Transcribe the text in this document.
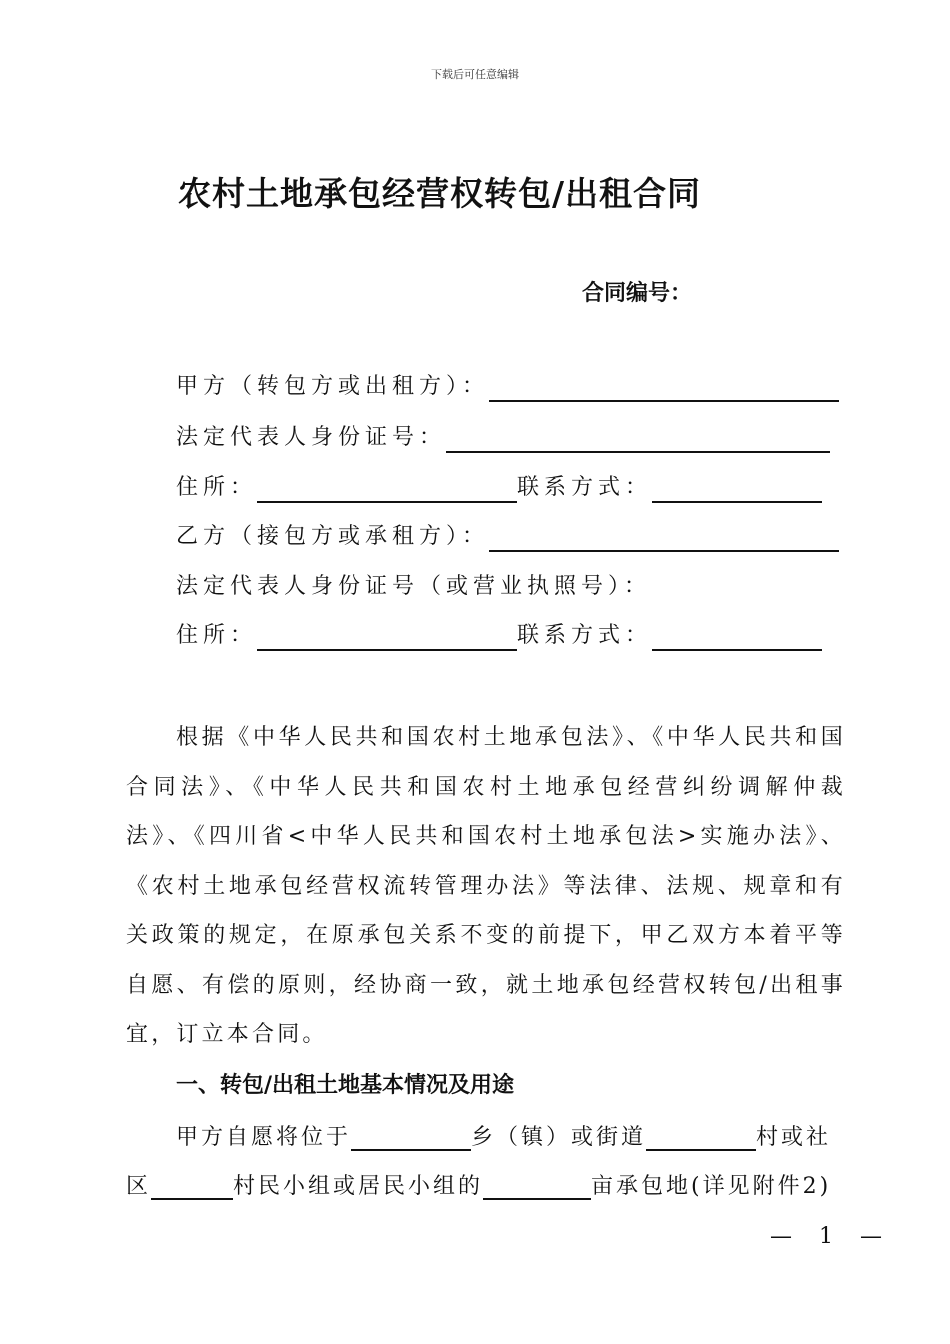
下载后可任意编辑
农村土地承包经营权转包/出租合同
合同编号：
甲方（转包方或出租方）：
法定代表人身份证号：
住所：	联系方式：
乙方（接包方或承租方）：
法定代表人身份证号（或营业执照号）：
住所：	联系方式：
根据《中华人民共和国农村土地承包法》、《中华人民共和国合同法》、《中华人民共和国农村土地承包经营纠纷调解仲裁法》、《四川省<中华人民共和国农村土地承包法>实施办法》、《农村土地承包经营权流转管理办法》等法律、法规、规章和有关政策的规定，在原承包关系不变的前提下，甲乙双方本着平等自愿、有偿的原则，经协商一致，就土地承包经营权转包/出租事宜，订立本合同。
一、转包/出租土地基本情况及用途
甲方自愿将位于	乡（镇）或街道	村或社
区	村民小组或居民小组的	亩承包地(详见附件2)
— 1 —
